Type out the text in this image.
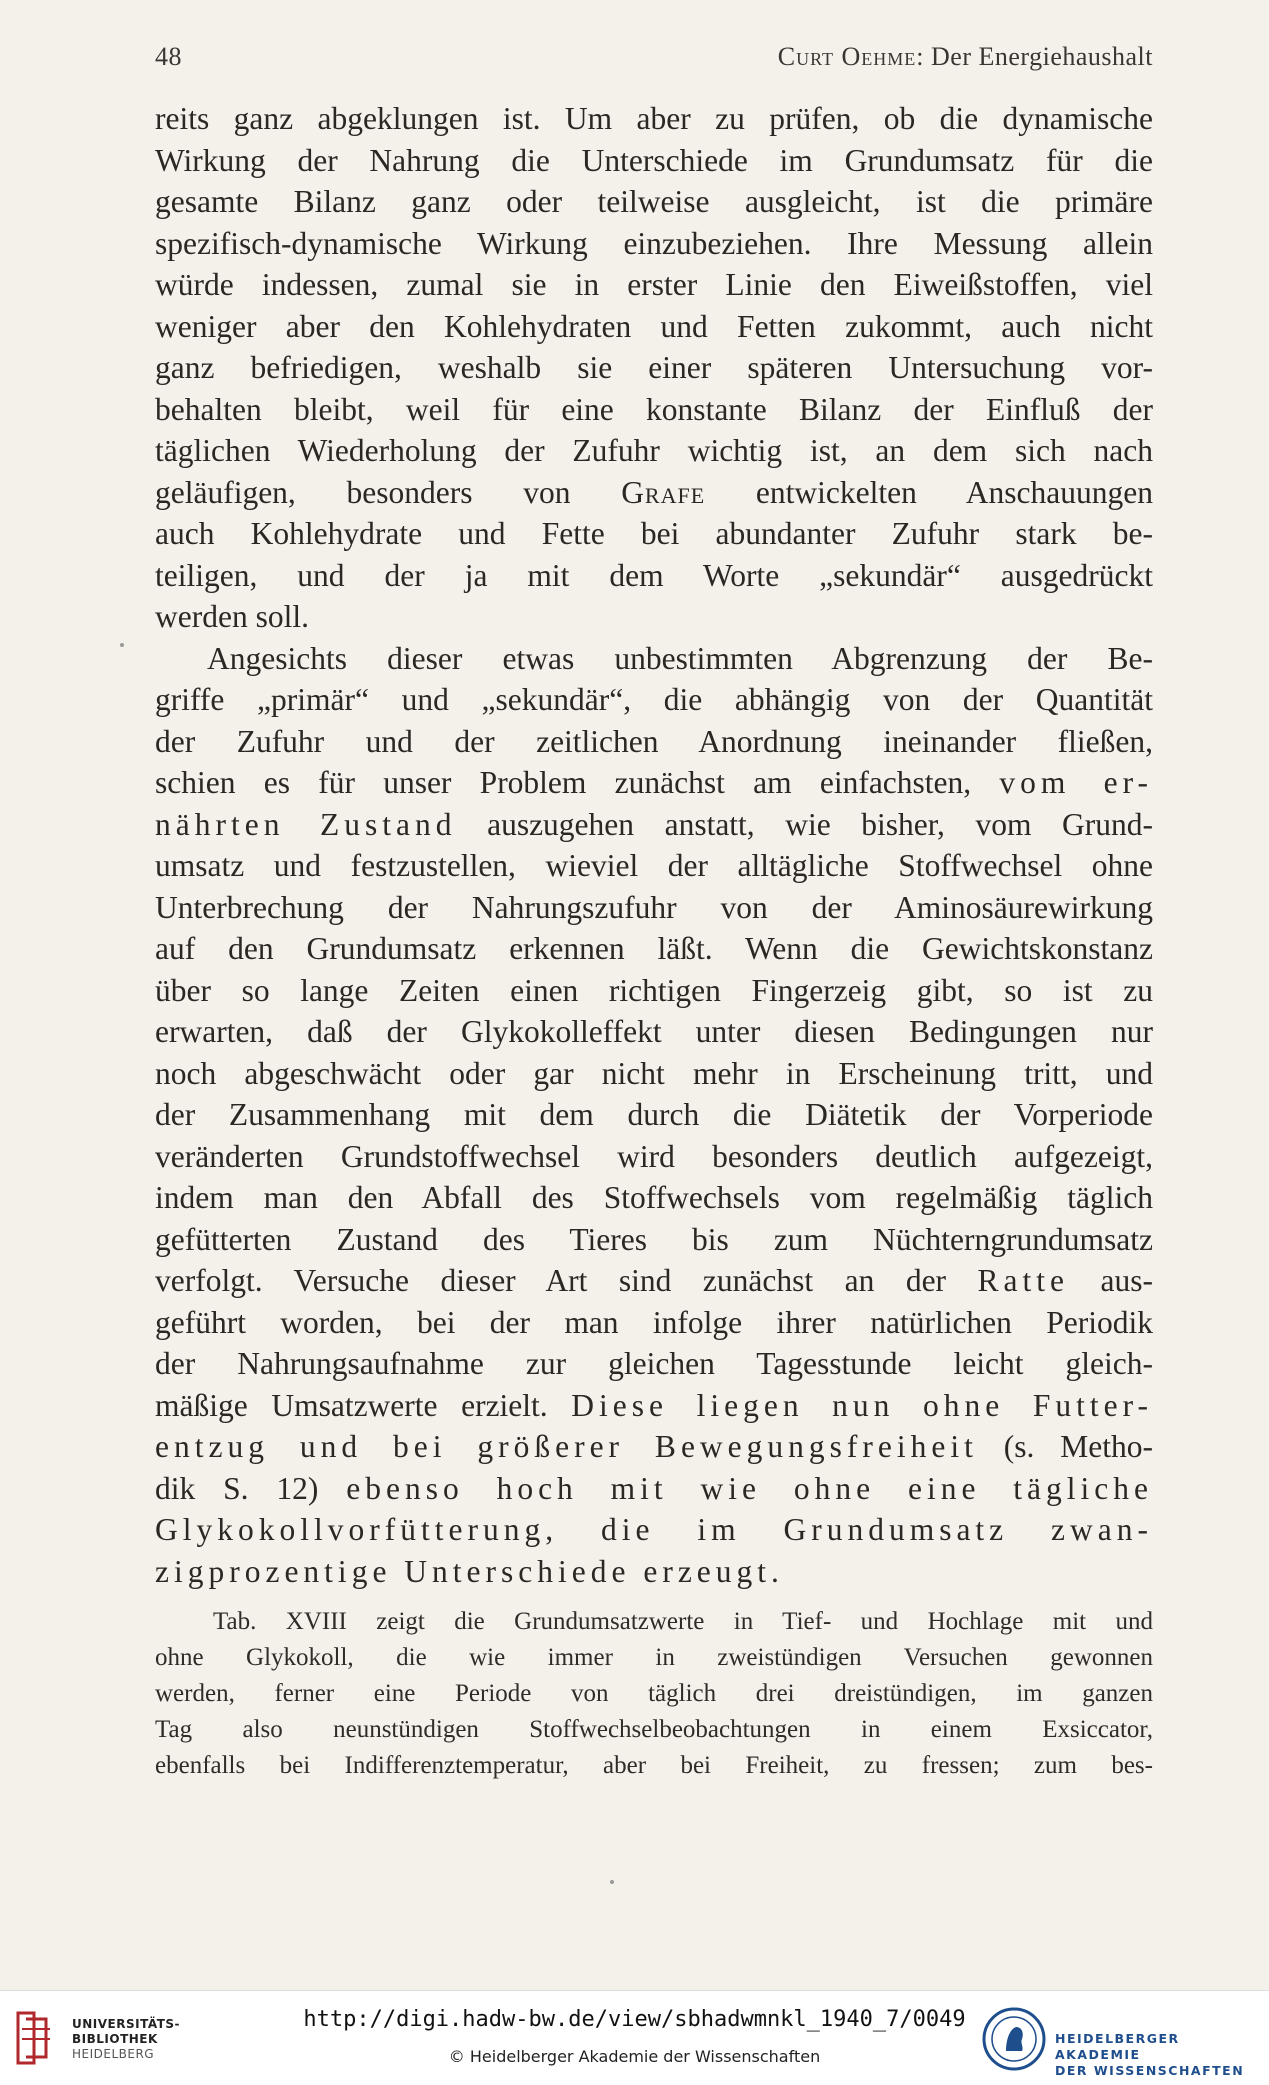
48	Curt Oehme: Der Energiehaushalt
reits ganz abgeklungen ist. Um aber zu prüfen, ob die dynamische
Wirkung der Nahrung die Unterschiede im Grundumsatz für die
gesamte Bilanz ganz oder teilweise ausgleicht, ist die primäre
spezifisch-dynamische Wirkung einzubeziehen. Ihre Messung allein
würde indessen, zumal sie in erster Linie den Eiweißstoffen, viel
weniger aber den Kohlehydraten und Fetten zukommt, auch nicht
ganz befriedigen, weshalb sie einer späteren Untersuchung vor-
behalten bleibt, weil für eine konstante Bilanz der Einfluß der
täglichen Wiederholung der Zufuhr wichtig ist, an dem sich nach
geläufigen, besonders von Grafe entwickelten Anschauungen
auch Kohlehydrate und Fette bei abundanter Zufuhr stark be-
teiligen, und der ja mit dem Worte „sekundär“ ausgedrückt
werden soll.
Angesichts dieser etwas unbestimmten Abgrenzung der Be-
griffe „primär“ und „sekundär“, die abhängig von der Quantität
der Zufuhr und der zeitlichen Anordnung ineinander fließen,
schien es für unser Problem zunächst am einfachsten, vom er-
nährten Zustand auszugehen anstatt, wie bisher, vom Grund-
umsatz und festzustellen, wieviel der alltägliche Stoffwechsel ohne
Unterbrechung der Nahrungszufuhr von der Aminosäurewirkung
auf den Grundumsatz erkennen läßt. Wenn die Gewichtskonstanz
über so lange Zeiten einen richtigen Fingerzeig gibt, so ist zu
erwarten, daß der Glykokolleffekt unter diesen Bedingungen nur
noch abgeschwächt oder gar nicht mehr in Erscheinung tritt, und
der Zusammenhang mit dem durch die Diätetik der Vorperiode
veränderten Grundstoffwechsel wird besonders deutlich aufgezeigt,
indem man den Abfall des Stoffwechsels vom regelmäßig täglich
gefütterten Zustand des Tieres bis zum Nüchterngrundumsatz
verfolgt. Versuche dieser Art sind zunächst an der Ratte aus-
geführt worden, bei der man infolge ihrer natürlichen Periodik
der Nahrungsaufnahme zur gleichen Tagesstunde leicht gleich-
mäßige Umsatzwerte erzielt. Diese liegen nun ohne Futter-
entzug und bei größerer Bewegungsfreiheit (s. Metho-
dik S. 12) ebenso hoch mit wie ohne eine tägliche
Glykokollvorfütterung, die im Grundumsatz zwan-
zigprozentige Unterschiede erzeugt.
Tab. XVIII zeigt die Grundumsatzwerte in Tief- und Hochlage mit und
ohne Glykokoll, die wie immer in zweistündigen Versuchen gewonnen
werden, ferner eine Periode von täglich drei dreistündigen, im ganzen
Tag also neunstündigen Stoffwechselbeobachtungen in einem Exsiccator,
ebenfalls bei Indifferenztemperatur, aber bei Freiheit, zu fressen; zum bes-
UNIVERSITÄTS-
BIBLIOTHEK
HEIDELBERG
http://digi.hadw-bw.de/view/sbhadwmnkl_1940_7/0049
© Heidelberger Akademie der Wissenschaften
HEIDELBERGER AKADEMIE
DER WISSENSCHAFTEN
